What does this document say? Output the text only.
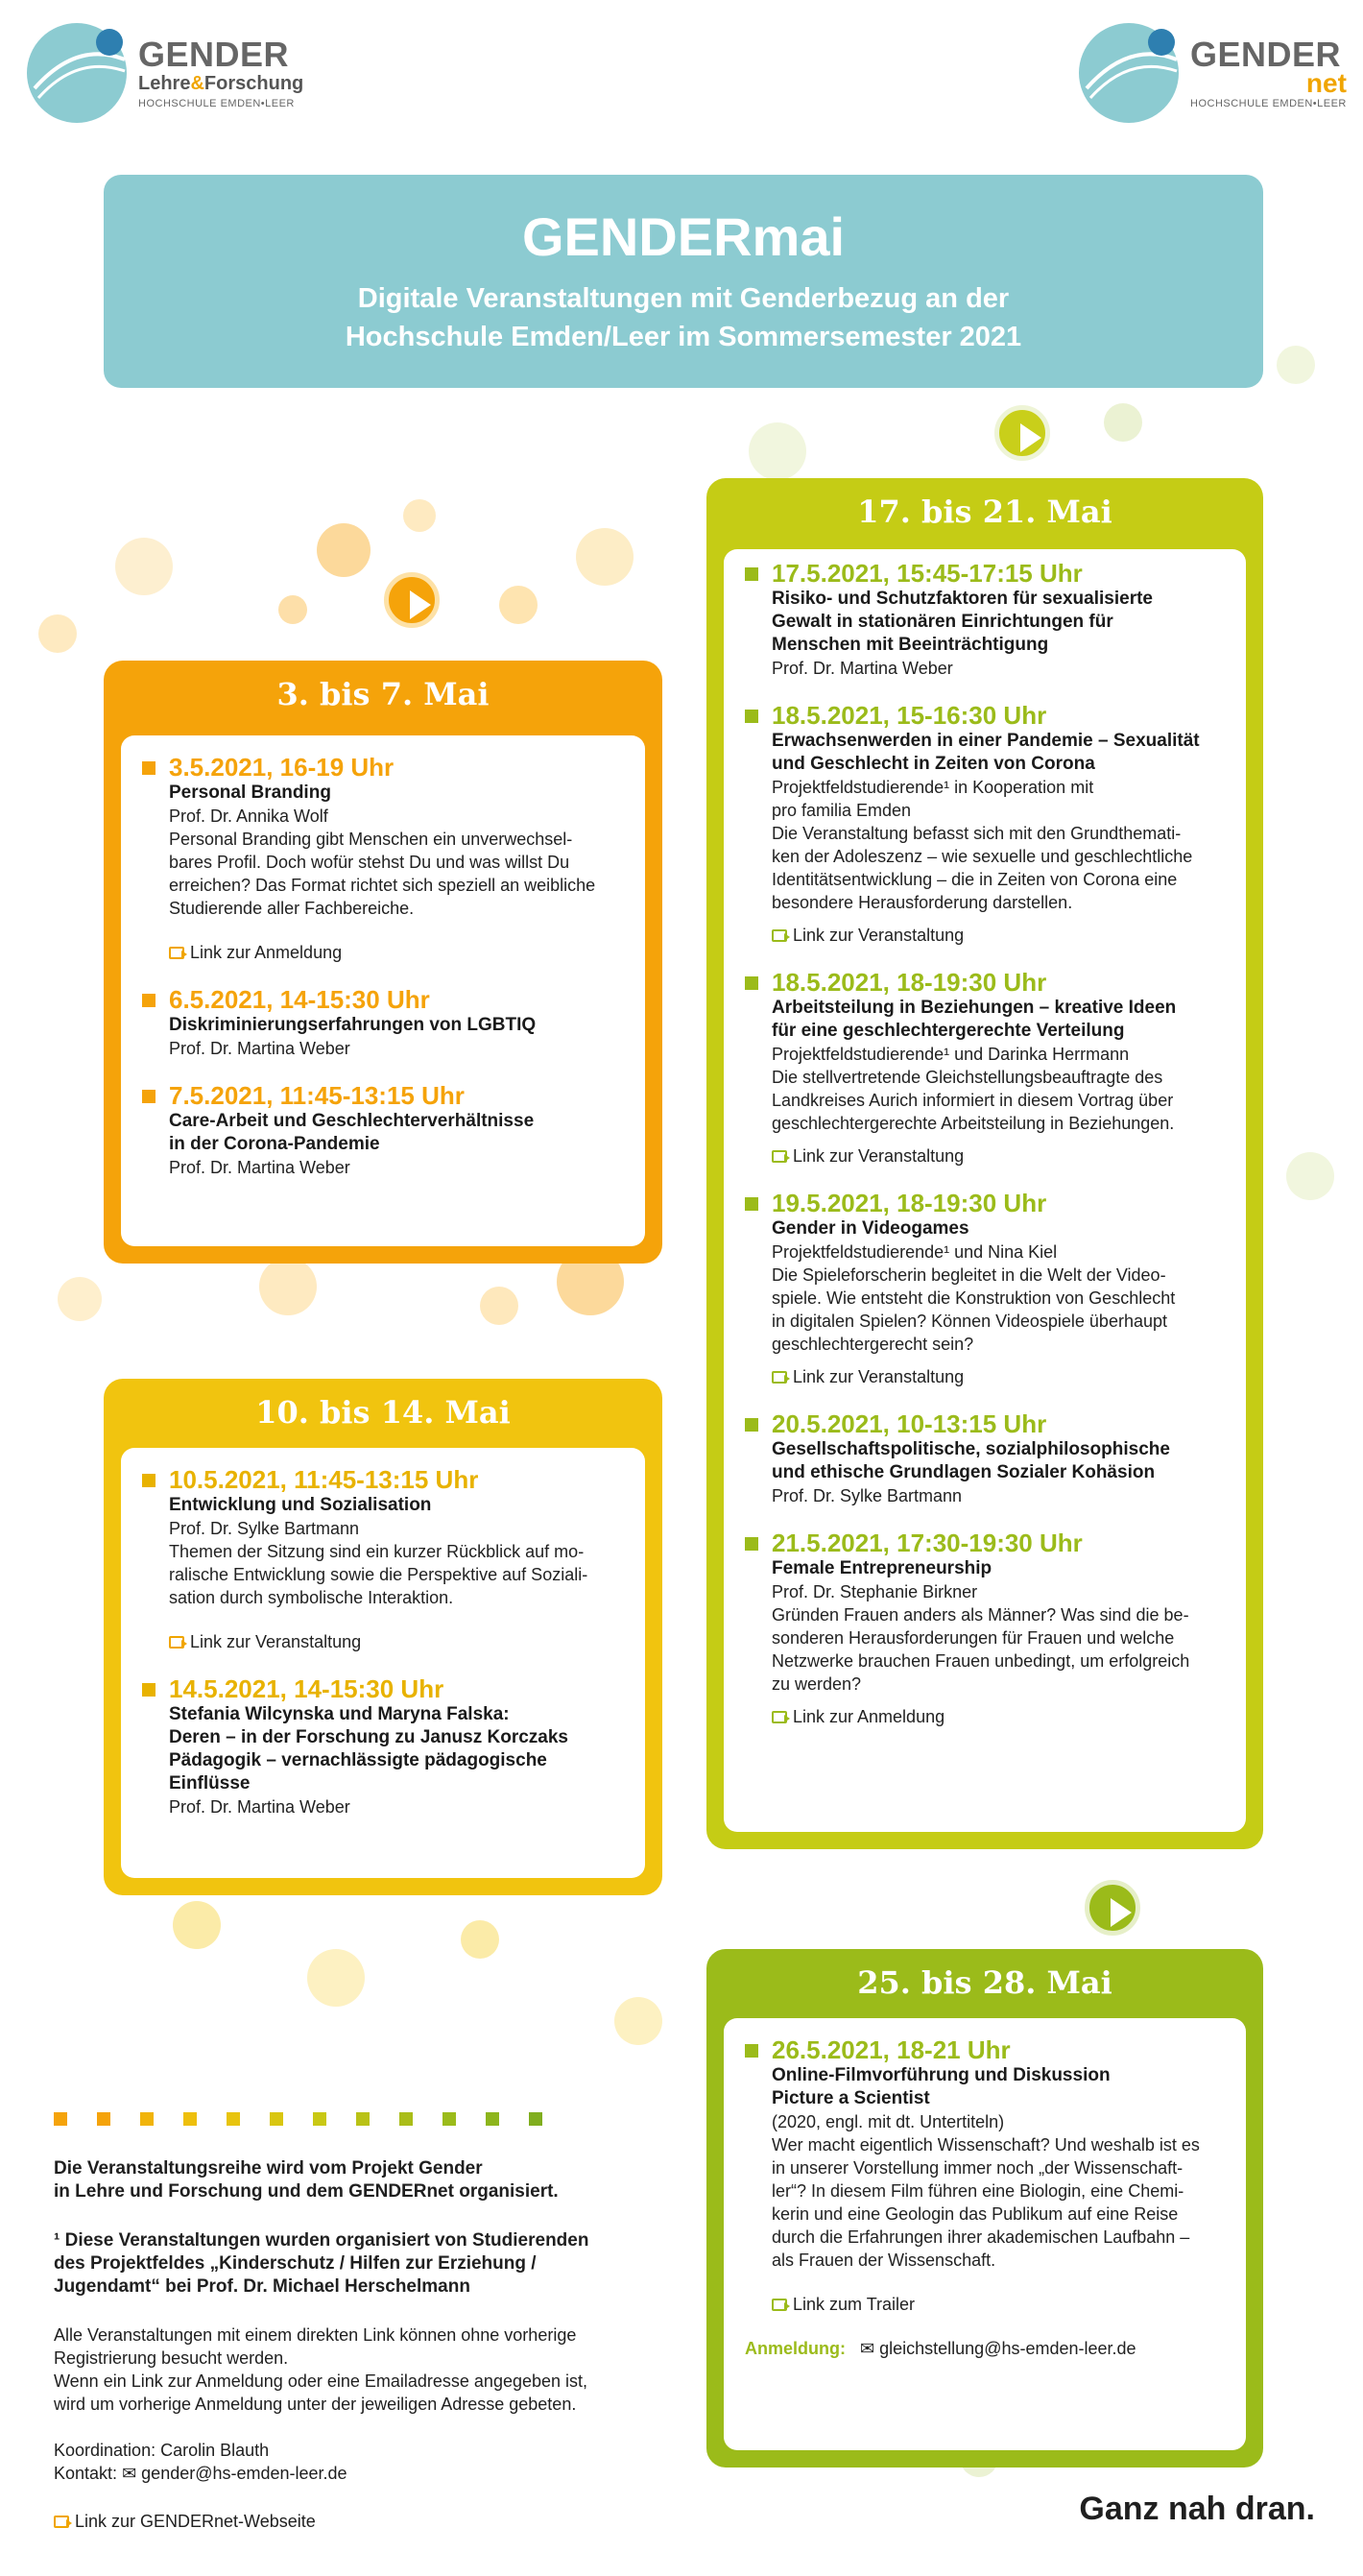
GENDER
Lehre&Forschung
HOCHSCHULE EMDEN•LEER
GENDER
net
HOCHSCHULE EMDEN•LEER
GENDERmai
Digitale Veranstaltungen mit Genderbezug an der
Hochschule Emden/Leer im Sommersemester 2021
3. bis 7. Mai
3.5.2021, 16-19 Uhr
Personal Branding
Prof. Dr. Annika Wolf
Personal Branding gibt Menschen ein unverwechsel-
bares Profil. Doch wofür stehst Du und was willst Du
erreichen? Das Format richtet sich speziell an weibliche
Studierende aller Fachbereiche.
Link zur Anmeldung
6.5.2021, 14-15:30 Uhr
Diskriminierungserfahrungen von LGBTIQ
Prof. Dr. Martina Weber
7.5.2021, 11:45-13:15 Uhr
Care-Arbeit und Geschlechterverhältnisse
in der Corona-Pandemie
Prof. Dr. Martina Weber
10. bis 14. Mai
10.5.2021, 11:45-13:15 Uhr
Entwicklung und Sozialisation
Prof. Dr. Sylke Bartmann
Themen der Sitzung sind ein kurzer Rückblick auf mo-
ralische Entwicklung sowie die Perspektive auf Soziali-
sation durch symbolische Interaktion.
Link zur Veranstaltung
14.5.2021, 14-15:30 Uhr
Stefania Wilcynska und Maryna Falska:
Deren – in der Forschung zu Janusz Korczaks
Pädagogik – vernachlässigte pädagogische
Einflüsse
Prof. Dr. Martina Weber
17. bis 21. Mai
17.5.2021, 15:45-17:15 Uhr
Risiko- und Schutzfaktoren für sexualisierte
Gewalt in stationären Einrichtungen für
Menschen mit Beeinträchtigung
Prof. Dr. Martina Weber
18.5.2021, 15-16:30 Uhr
Erwachsenwerden in einer Pandemie – Sexualität
und Geschlecht in Zeiten von Corona
Projektfeldstudierende¹ in Kooperation mit
pro familia Emden
Die Veranstaltung befasst sich mit den Grundthemati-
ken der Adoleszenz – wie sexuelle und geschlechtliche
Identitätsentwicklung – die in Zeiten von Corona eine
besondere Herausforderung darstellen.
Link zur Veranstaltung
18.5.2021, 18-19:30 Uhr
Arbeitsteilung in Beziehungen – kreative Ideen
für eine geschlechtergerechte Verteilung
Projektfeldstudierende¹ und Darinka Herrmann
Die stellvertretende Gleichstellungsbeauftragte des
Landkreises Aurich informiert in diesem Vortrag über
geschlechtergerechte Arbeitsteilung in Beziehungen.
Link zur Veranstaltung
19.5.2021, 18-19:30 Uhr
Gender in Videogames
Projektfeldstudierende¹ und Nina Kiel
Die Spieleforscherin begleitet in die Welt der Video-
spiele. Wie entsteht die Konstruktion von Geschlecht
in digitalen Spielen? Können Videospiele überhaupt
geschlechtergerecht sein?
Link zur Veranstaltung
20.5.2021, 10-13:15 Uhr
Gesellschaftspolitische, sozialphilosophische
und ethische Grundlagen Sozialer Kohäsion
Prof. Dr. Sylke Bartmann
21.5.2021, 17:30-19:30 Uhr
Female Entrepreneurship
Prof. Dr. Stephanie Birkner
Gründen Frauen anders als Männer? Was sind die be-
sonderen Herausforderungen für Frauen und welche
Netzwerke brauchen Frauen unbedingt, um erfolgreich
zu werden?
Link zur Anmeldung
25. bis 28. Mai
26.5.2021, 18-21 Uhr
Online-Filmvorführung und Diskussion
Picture a Scientist
(2020, engl. mit dt. Untertiteln)
Wer macht eigentlich Wissenschaft? Und weshalb ist es
in unserer Vorstellung immer noch „der Wissenschaft-
ler“? In diesem Film führen eine Biologin, eine Chemi-
kerin und eine Geologin das Publikum auf eine Reise
durch die Erfahrungen ihrer akademischen Laufbahn –
als Frauen der Wissenschaft.
Link zum Trailer
Anmeldung: ✉ gleichstellung@hs-emden-leer.de
Die Veranstaltungsreihe wird vom Projekt Gender
in Lehre und Forschung und dem GENDERnet organisiert.
¹ Diese Veranstaltungen wurden organisiert von Studierenden
des Projektfeldes „Kinderschutz / Hilfen zur Erziehung /
Jugendamt“ bei Prof. Dr. Michael Herschelmann
Alle Veranstaltungen mit einem direkten Link können ohne vorherige
Registrierung besucht werden.
Wenn ein Link zur Anmeldung oder eine Emailadresse angegeben ist,
wird um vorherige Anmeldung unter der jeweiligen Adresse gebeten.
Koordination: Carolin Blauth
Kontakt: ✉ gender@hs-emden-leer.de
Link zur GENDERnet-Webseite	Ganz nah dran.
